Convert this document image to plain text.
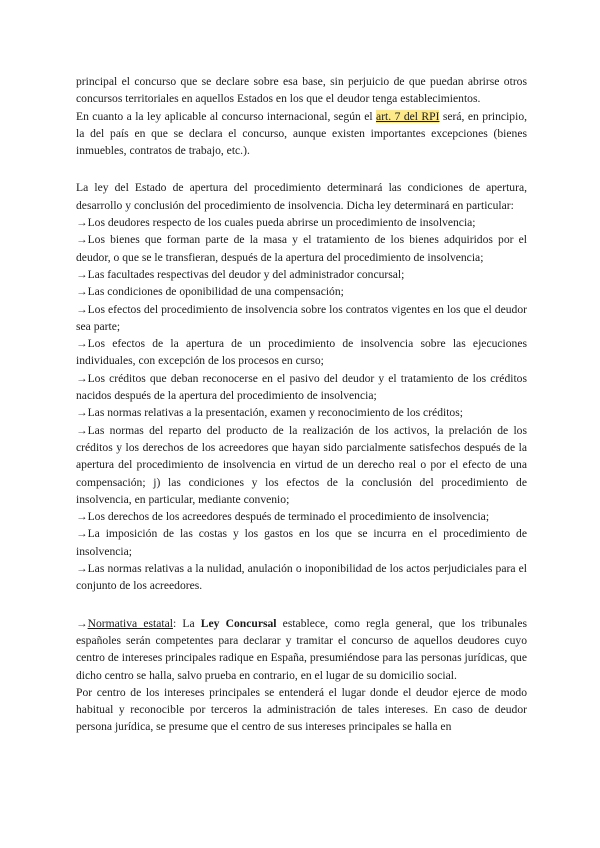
principal el concurso que se declare sobre esa base, sin perjuicio de que puedan abrirse otros concursos territoriales en aquellos Estados en los que el deudor tenga establecimientos.

En cuanto a la ley aplicable al concurso internacional, según el art. 7 del RPI será, en principio, la del país en que se declara el concurso, aunque existen importantes excepciones (bienes inmuebles, contratos de trabajo, etc.).

La ley del Estado de apertura del procedimiento determinará las condiciones de apertura, desarrollo y conclusión del procedimiento de insolvencia. Dicha ley determinará en particular:

→Los deudores respecto de los cuales pueda abrirse un procedimiento de insolvencia;

→Los bienes que forman parte de la masa y el tratamiento de los bienes adquiridos por el deudor, o que se le transfieran, después de la apertura del procedimiento de insolvencia;

→Las facultades respectivas del deudor y del administrador concursal;

→Las condiciones de oponibilidad de una compensación;

→Los efectos del procedimiento de insolvencia sobre los contratos vigentes en los que el deudor sea parte;

→Los efectos de la apertura de un procedimiento de insolvencia sobre las ejecuciones individuales, con excepción de los procesos en curso;

→Los créditos que deban reconocerse en el pasivo del deudor y el tratamiento de los créditos nacidos después de la apertura del procedimiento de insolvencia;

→Las normas relativas a la presentación, examen y reconocimiento de los créditos;

→Las normas del reparto del producto de la realización de los activos, la prelación de los créditos y los derechos de los acreedores que hayan sido parcialmente satisfechos después de la apertura del procedimiento de insolvencia en virtud de un derecho real o por el efecto de una compensación; j) las condiciones y los efectos de la conclusión del procedimiento de insolvencia, en particular, mediante convenio;

→Los derechos de los acreedores después de terminado el procedimiento de insolvencia;

→La imposición de las costas y los gastos en los que se incurra en el procedimiento de insolvencia;

→Las normas relativas a la nulidad, anulación o inoponibilidad de los actos perjudiciales para el conjunto de los acreedores.

→Normativa estatal: La Ley Concursal establece, como regla general, que los tribunales españoles serán competentes para declarar y tramitar el concurso de aquellos deudores cuyo centro de intereses principales radique en España, presumiéndose para las personas jurídicas, que dicho centro se halla, salvo prueba en contrario, en el lugar de su domicilio social.

Por centro de los intereses principales se entenderá el lugar donde el deudor ejerce de modo habitual y reconocible por terceros la administración de tales intereses. En caso de deudor persona jurídica, se presume que el centro de sus intereses principales se halla en
